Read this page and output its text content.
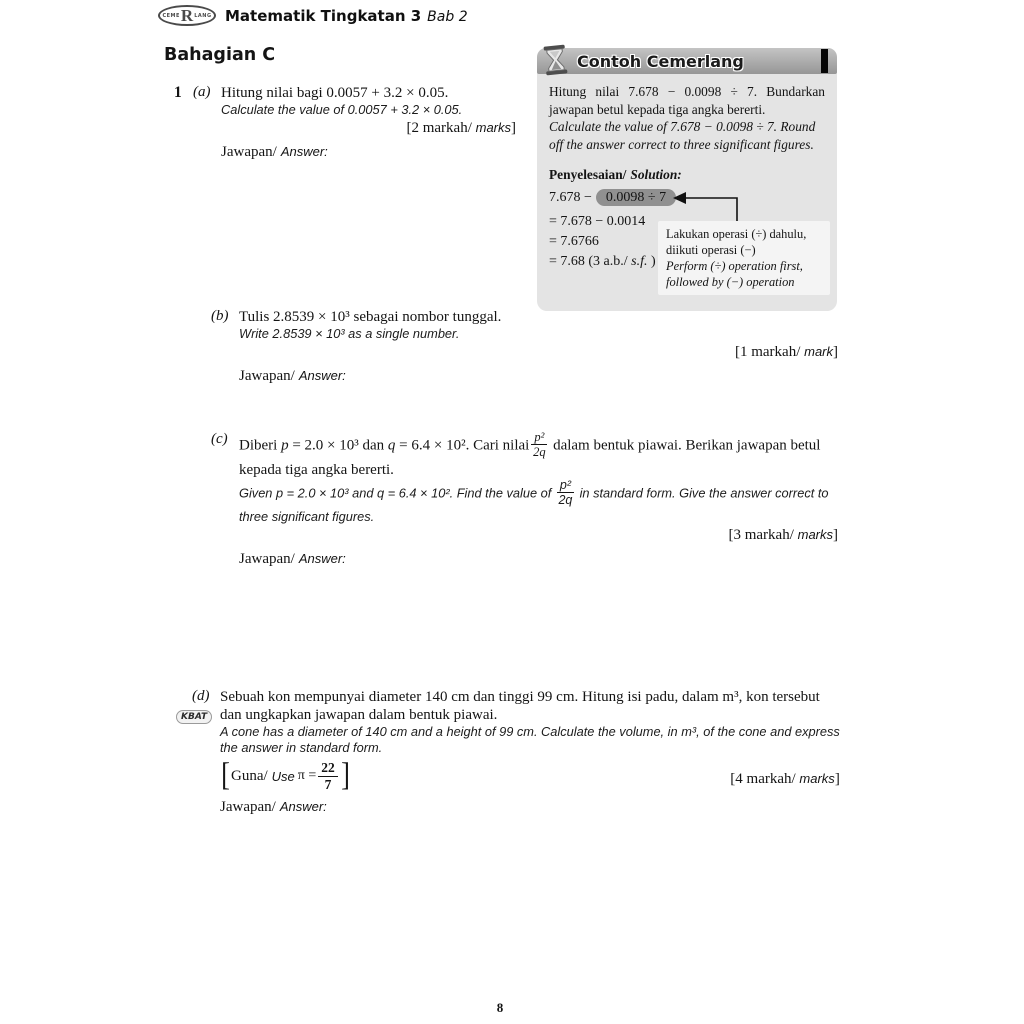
CEME R LANG Matematik Tingkatan 3 Bab 2
Bahagian C
1 (a) Hitung nilai bagi 0.0057 + 3.2 × 0.05.
Calculate the value of 0.0057 + 3.2 × 0.05.
[2 markah/ marks]
Jawapan/ Answer:
Contoh Cemerlang
Hitung nilai 7.678 − 0.0098 ÷ 7. Bundarkan jawapan betul kepada tiga angka bererti.
Calculate the value of 7.678 − 0.0098 ÷ 7. Round off the answer correct to three significant figures.
Penyelesaian/ Solution:
7.678 − 0.0098 ÷ 7
= 7.678 − 0.0014
= 7.6766
= 7.68 (3 a.b./ s.f. )
Lakukan operasi (÷) dahulu,
diikuti operasi (−)
Perform (÷) operation first,
followed by (−) operation
(b) Tulis 2.8539 × 10³ sebagai nombor tunggal.
Write 2.8539 × 10³ as a single number.
[1 markah/ mark]
Jawapan/ Answer:
(c) Diberi p = 2.0 × 10³ dan q = 6.4 × 10². Cari nilai $\frac{\text{p²}}{2q}$ dalam bentuk piawai. Berikan jawapan betul
kepada tiga angka bererti.
Given p = 2.0 × 10³ and q = 6.4 × 10². Find the value of $\frac{\text{p²}}{2q}$ in standard form. Give the answer correct to
three significant figures.
[3 markah/ marks]
Jawapan/ Answer:
(d)
KBAT
Sebuah kon mempunyai diameter 140 cm dan tinggi 99 cm. Hitung isi padu, dalam m³, kon tersebut
dan ungkapkan jawapan dalam bentuk piawai.
A cone has a diameter of 140 cm and a height of 99 cm. Calculate the volume, in m³, of the cone and express
the answer in standard form.
[ Guna/ Use $\pi = \frac{22}{7}$ ]	[4 markah/ marks]
Jawapan/ Answer:
8
